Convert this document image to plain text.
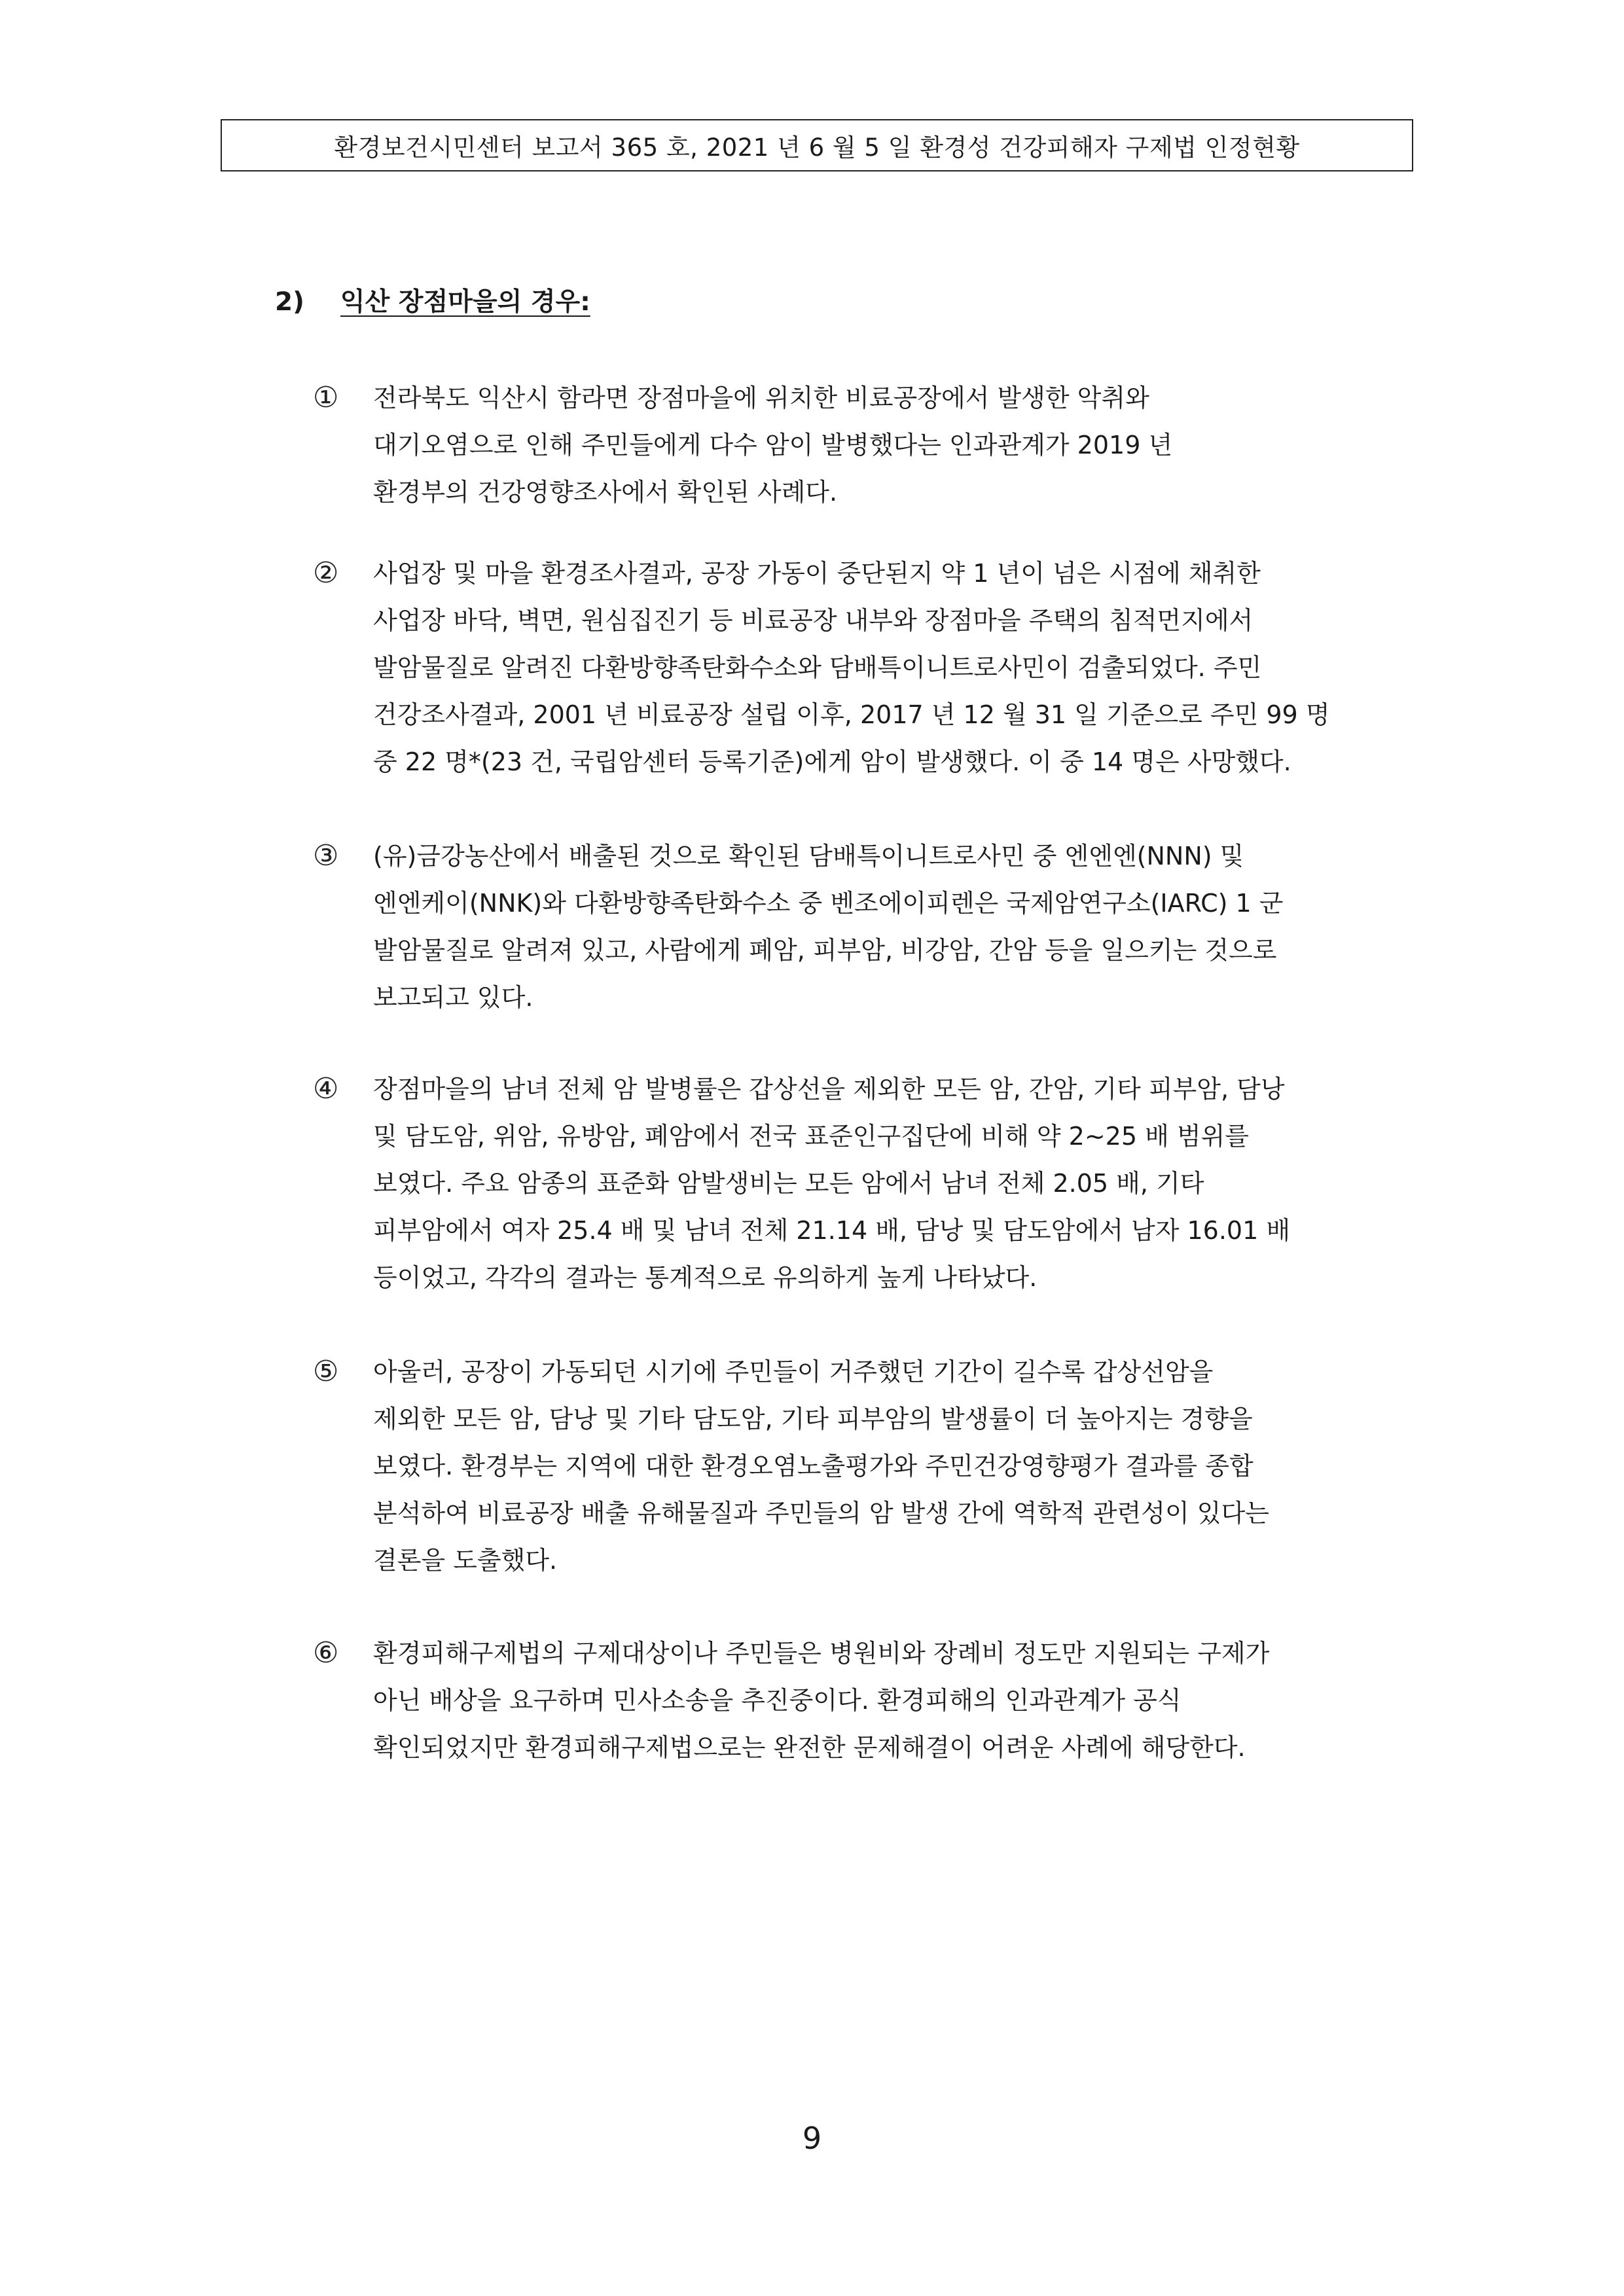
환경보건시민센터 보고서 365 호, 2021 년 6 월 5 일 환경성 건강피해자 구제법 인정현황
2)	익산 장점마을의 경우:
①	전라북도 익산시 함라면 장점마을에 위치한 비료공장에서 발생한 악취와
대기오염으로 인해 주민들에게 다수 암이 발병했다는 인과관계가 2019 년
환경부의 건강영향조사에서 확인된 사례다.
②	사업장 및 마을 환경조사결과, 공장 가동이 중단된지 약 1 년이 넘은 시점에 채취한
사업장 바닥, 벽면, 원심집진기 등 비료공장 내부와 장점마을 주택의 침적먼지에서
발암물질로 알려진 다환방향족탄화수소와 담배특이니트로사민이 검출되었다. 주민
건강조사결과, 2001 년 비료공장 설립 이후, 2017 년 12 월 31 일 기준으로 주민 99 명
중 22 명*(23 건, 국립암센터 등록기준)에게 암이 발생했다. 이 중 14 명은 사망했다.
③	(유)금강농산에서 배출된 것으로 확인된 담배특이니트로사민 중 엔엔엔(NNN) 및
엔엔케이(NNK)와 다환방향족탄화수소 중 벤조에이피렌은 국제암연구소(IARC) 1 군
발암물질로 알려져 있고, 사람에게 폐암, 피부암, 비강암, 간암 등을 일으키는 것으로
보고되고 있다.
④	장점마을의 남녀 전체 암 발병률은 갑상선을 제외한 모든 암, 간암, 기타 피부암, 담낭
및 담도암, 위암, 유방암, 폐암에서 전국 표준인구집단에 비해 약 2~25 배 범위를
보였다. 주요 암종의 표준화 암발생비는 모든 암에서 남녀 전체 2.05 배, 기타
피부암에서 여자 25.4 배 및 남녀 전체 21.14 배, 담낭 및 담도암에서 남자 16.01 배
등이었고, 각각의 결과는 통계적으로 유의하게 높게 나타났다.
⑤	아울러, 공장이 가동되던 시기에 주민들이 거주했던 기간이 길수록 갑상선암을
제외한 모든 암, 담낭 및 기타 담도암, 기타 피부암의 발생률이 더 높아지는 경향을
보였다. 환경부는 지역에 대한 환경오염노출평가와 주민건강영향평가 결과를 종합
분석하여 비료공장 배출 유해물질과 주민들의 암 발생 간에 역학적 관련성이 있다는
결론을 도출했다.
⑥	환경피해구제법의 구제대상이나 주민들은 병원비와 장례비 정도만 지원되는 구제가
아닌 배상을 요구하며 민사소송을 추진중이다. 환경피해의 인과관계가 공식
확인되었지만 환경피해구제법으로는 완전한 문제해결이 어려운 사례에 해당한다.
9
